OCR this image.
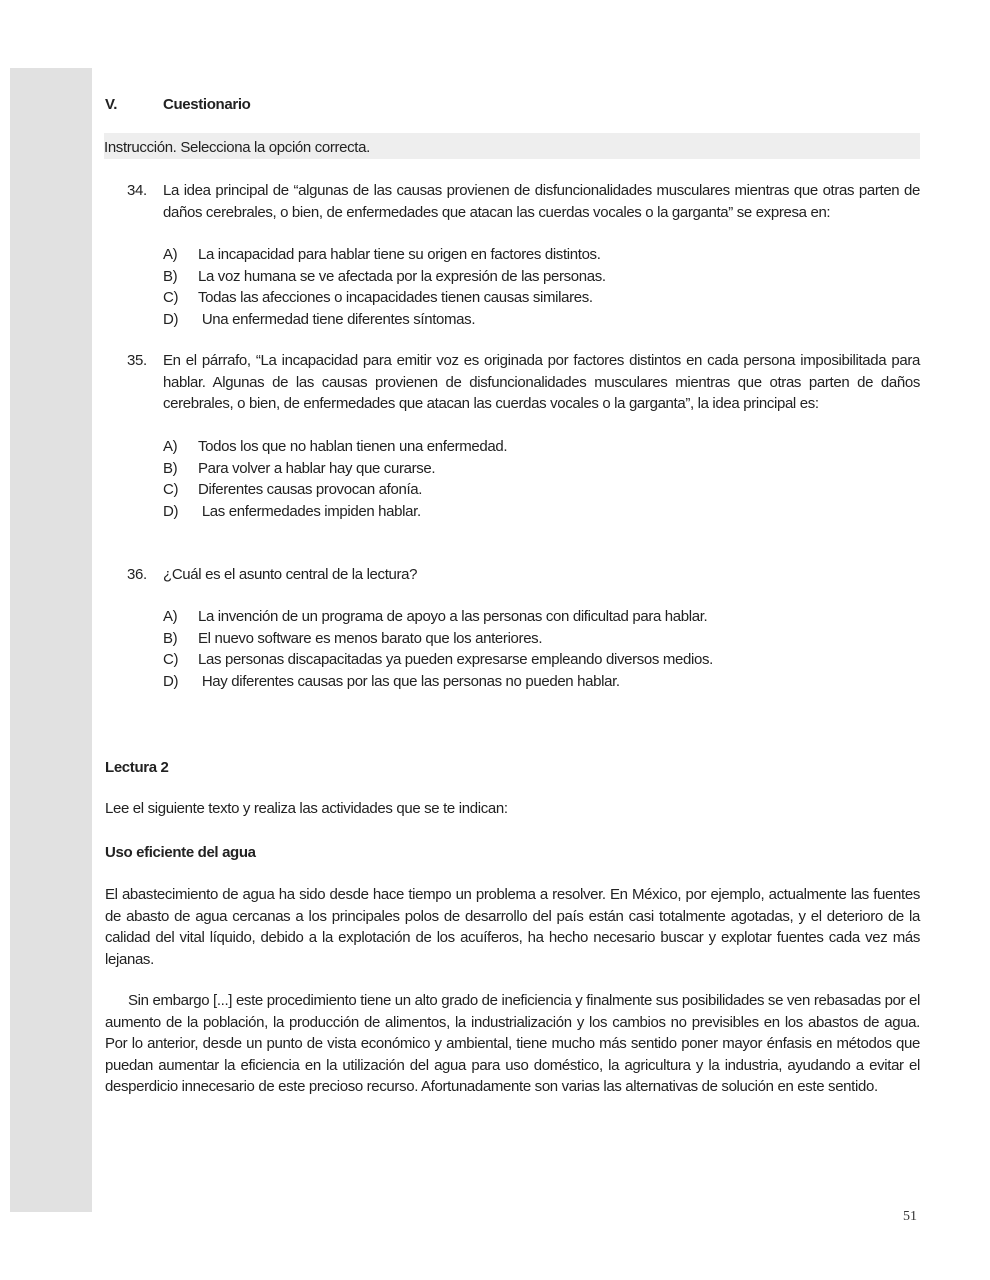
V.	Cuestionario
Instrucción. Selecciona la opción correcta.
34.	La idea principal de “algunas de las causas provienen de disfuncionalidades musculares mientras que otras parten de daños cerebrales, o bien, de enfermedades que atacan las cuerdas vocales o la garganta” se expresa en:
A) La incapacidad para hablar tiene su origen en factores distintos.
B) La voz humana se ve afectada por la expresión de las personas.
C) Todas las afecciones o incapacidades tienen causas similares.
D) Una enfermedad tiene diferentes síntomas.
35.	En el párrafo, “La incapacidad para emitir voz es originada por factores distintos en cada persona imposibilitada para hablar. Algunas de las causas provienen de disfuncionalidades musculares mientras que otras parten de daños cerebrales, o bien, de enfermedades que atacan las cuerdas vocales o la garganta”, la idea principal es:
A) Todos los que no hablan tienen una enfermedad.
B) Para volver a hablar hay que curarse.
C) Diferentes causas provocan afonía.
D) Las enfermedades impiden hablar.
36.	¿Cuál es el asunto central de la lectura?
A) La invención de un programa de apoyo a las personas con dificultad para hablar.
B) El nuevo software es menos barato que los anteriores.
C) Las personas discapacitadas ya pueden expresarse empleando diversos medios.
D) Hay diferentes causas por las que las personas no pueden hablar.
Lectura 2
Lee el siguiente texto y realiza las actividades que se te indican:
Uso eficiente del agua
El abastecimiento de agua ha sido desde hace tiempo un problema a resolver. En México, por ejemplo, actualmente las fuentes de abasto de agua cercanas a los principales polos de desarrollo del país están casi totalmente agotadas, y el deterioro de la calidad del vital líquido, debido a la explotación de los acuíferos, ha hecho necesario buscar y explotar fuentes cada vez más lejanas.
Sin embargo [...] este procedimiento tiene un alto grado de ineficiencia y finalmente sus posibilidades se ven rebasadas por el aumento de la población, la producción de alimentos, la industrialización y los cambios no previsibles en los abastos de agua. Por lo anterior, desde un punto de vista económico y ambiental, tiene mucho más sentido poner mayor énfasis en métodos que puedan aumentar la eficiencia en la utilización del agua para uso doméstico, la agricultura y la industria, ayudando a evitar el desperdicio innecesario de este precioso recurso. Afortunadamente son varias las alternativas de solución en este sentido.
51
